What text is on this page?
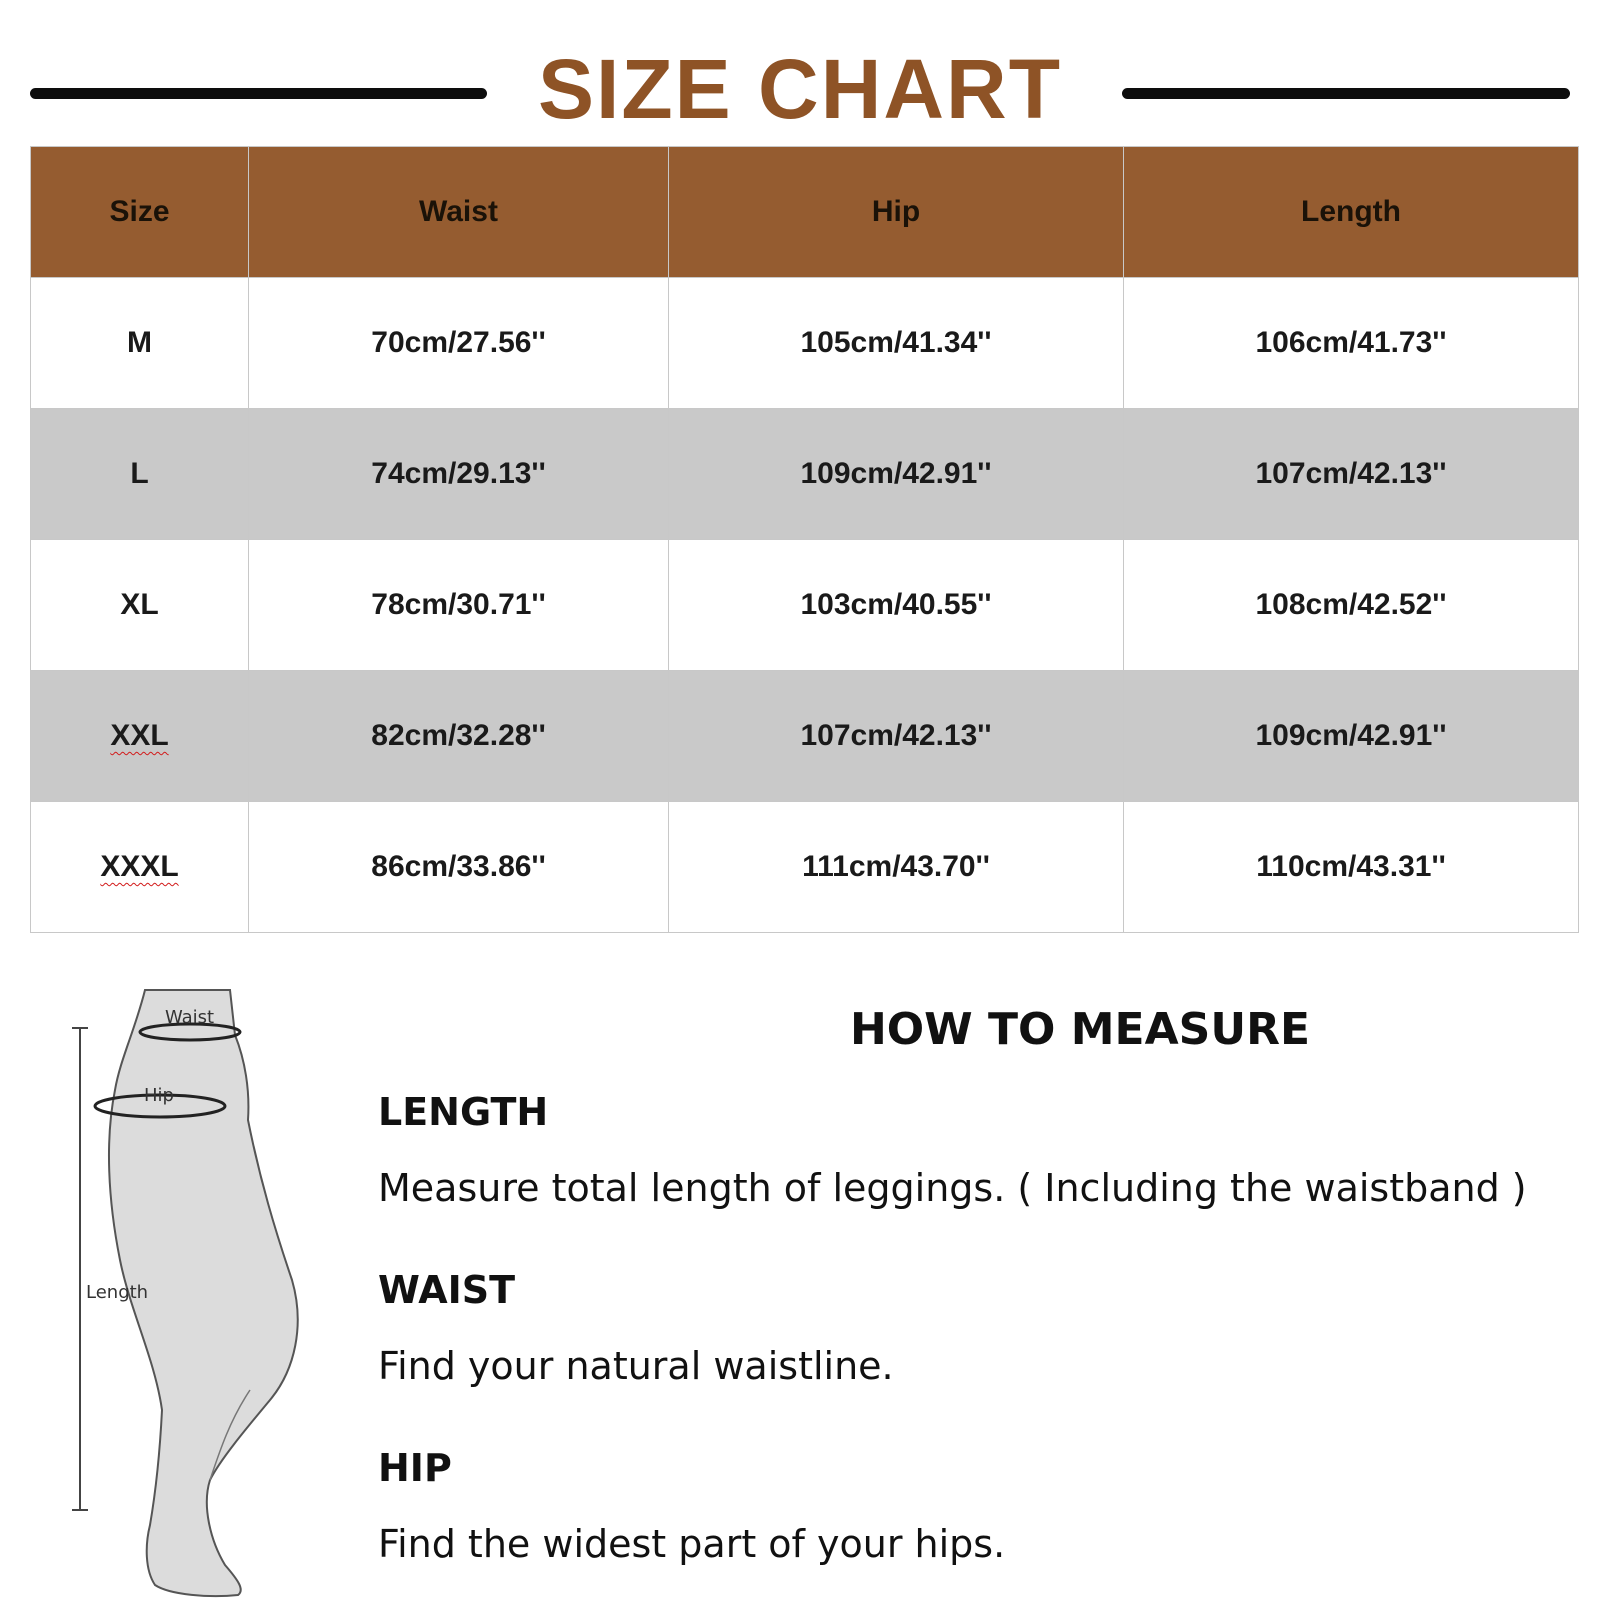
SIZE CHART
Size	Waist	Hip	Length
M	70cm/27.56''	105cm/41.34''	106cm/41.73''
L	74cm/29.13''	109cm/42.91''	107cm/42.13''
XL	78cm/30.71''	103cm/40.55''	108cm/42.52''
XXL	82cm/32.28''	107cm/42.13''	109cm/42.91''
XXXL	86cm/33.86''	111cm/43.70''	110cm/43.31''
Waist
Hip
Length
HOW TO MEASURE
LENGTH
Measure total length of leggings. ( Including the waistband )
WAIST
Find your natural waistline.
HIP
Find the widest part of your hips.
